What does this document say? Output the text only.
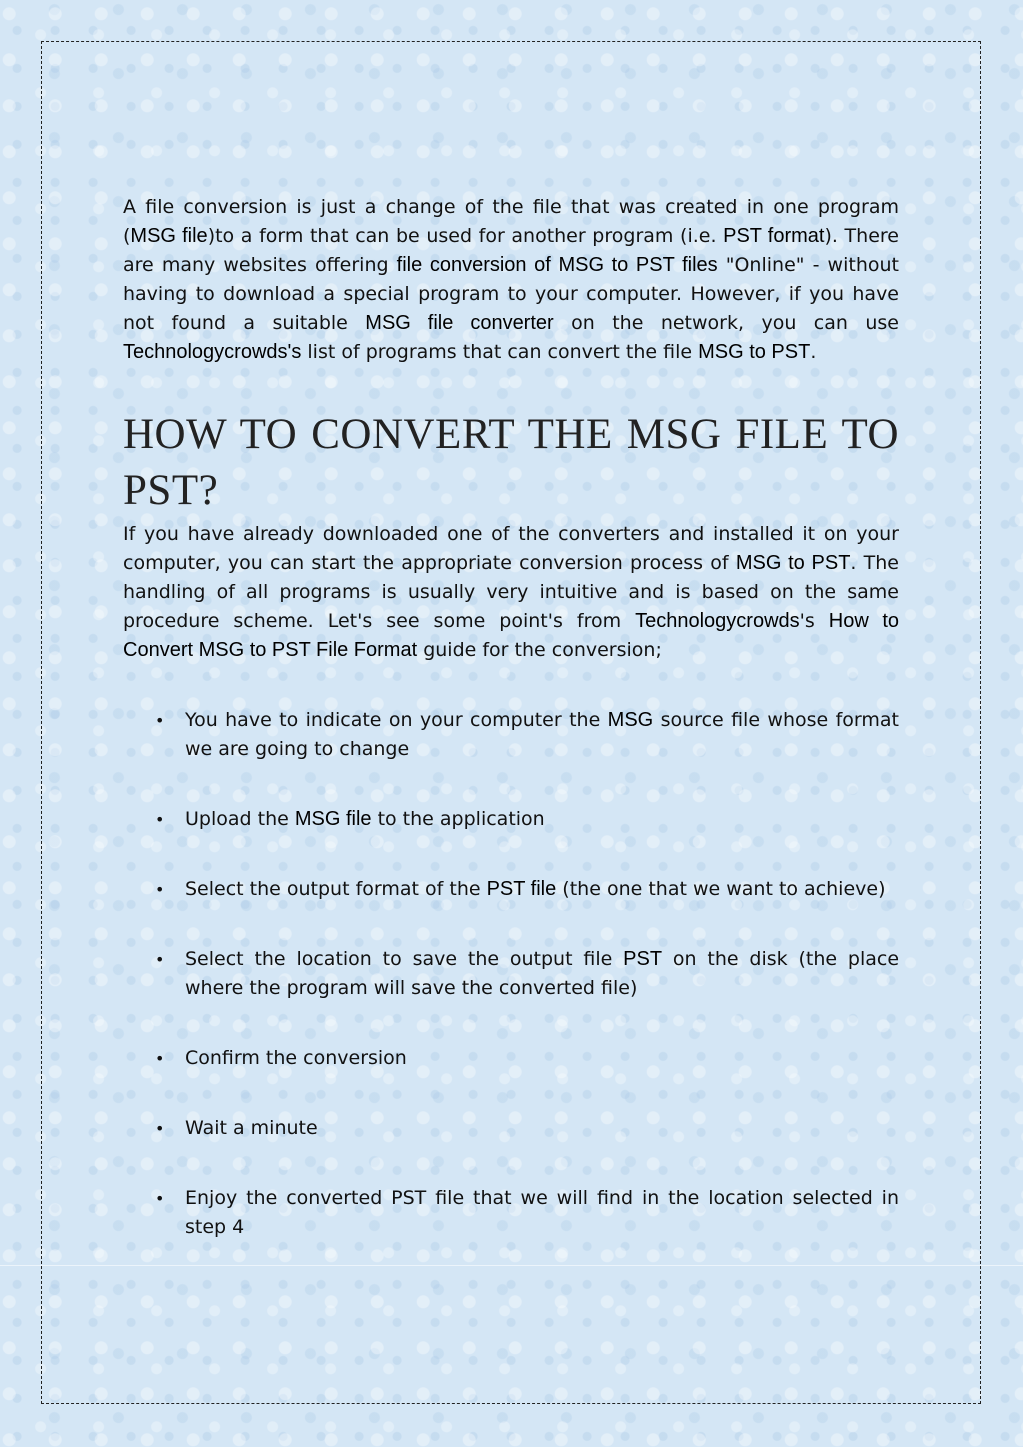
A file conversion is just a change of the file that was created in one program (MSG file)to a form that can be used for another program (i.e. PST format). There are many websites offering file conversion of MSG to PST files "Online" - without having to download a special program to your computer. However, if you have not found a suitable MSG file converter on the network, you can use Technologycrowds's list of programs that can convert the file MSG to PST.

HOW TO CONVERT THE MSG FILE TO PST?

If you have already downloaded one of the converters and installed it on your computer, you can start the appropriate conversion process of MSG to PST. The handling of all programs is usually very intuitive and is based on the same procedure scheme. Let's see some point's from Technologycrowds's How to Convert MSG to PST File Format guide for the conversion;

• You have to indicate on your computer the MSG source file whose format we are going to change
• Upload the MSG file to the application
• Select the output format of the PST file (the one that we want to achieve)
• Select the location to save the output file PST on the disk (the place where the program will save the converted file)
• Confirm the conversion
• Wait a minute
• Enjoy the converted PST file that we will find in the location selected in step 4
